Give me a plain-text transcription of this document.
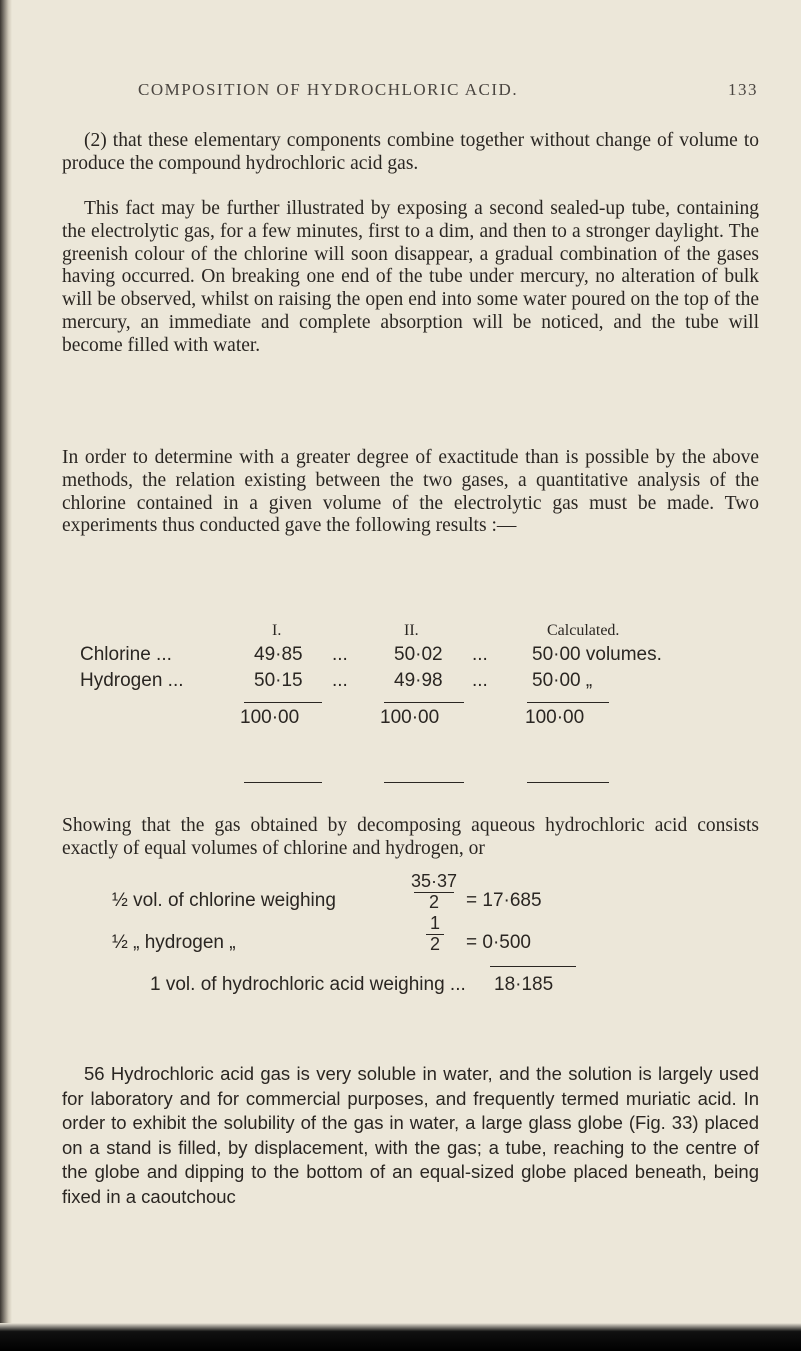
COMPOSITION OF HYDROCHLORIC ACID.	133

(2) that these elementary components combine together without change of volume to produce the compound hydrochloric acid gas.

This fact may be further illustrated by exposing a second sealed-up tube, containing the electrolytic gas, for a few minutes, first to a dim, and then to a stronger daylight. The greenish colour of the chlorine will soon disappear, a gradual combination of the gases having occurred. On breaking one end of the tube under mercury, no alteration of bulk will be observed, whilst on raising the open end into some water poured on the top of the mercury, an immediate and complete absorption will be noticed, and the tube will become filled with water.

In order to determine with a greater degree of exactitude than is possible by the above methods, the relation existing between the two gases, a quantitative analysis of the chlorine contained in a given volume of the electrolytic gas must be made. Two experiments thus conducted gave the following results :—

I.	II.	Calculated.
Chlorine ...	49·85 ... 50·02 ... 50·00 volumes.
Hydrogen ...	50·15 ... 49·98 ... 50·00 „
100·00	100·00	100·00

Showing that the gas obtained by decomposing aqueous hydrochloric acid consists exactly of equal volumes of chlorine and hydrogen, or

½ vol. of chlorine weighing
35·37
2	= 17·685
½ „ hydrogen „
1
2	= 0·500
1 vol. of hydrochloric acid weighing ... 18·185

56 Hydrochloric acid gas is very soluble in water, and the solution is largely used for laboratory and for commercial purposes, and frequently termed muriatic acid. In order to exhibit the solubility of the gas in water, a large glass globe (Fig. 33) placed on a stand is filled, by displacement, with the gas; a tube, reaching to the centre of the globe and dipping to the bottom of an equal-sized globe placed beneath, being fixed in a caoutchouc
